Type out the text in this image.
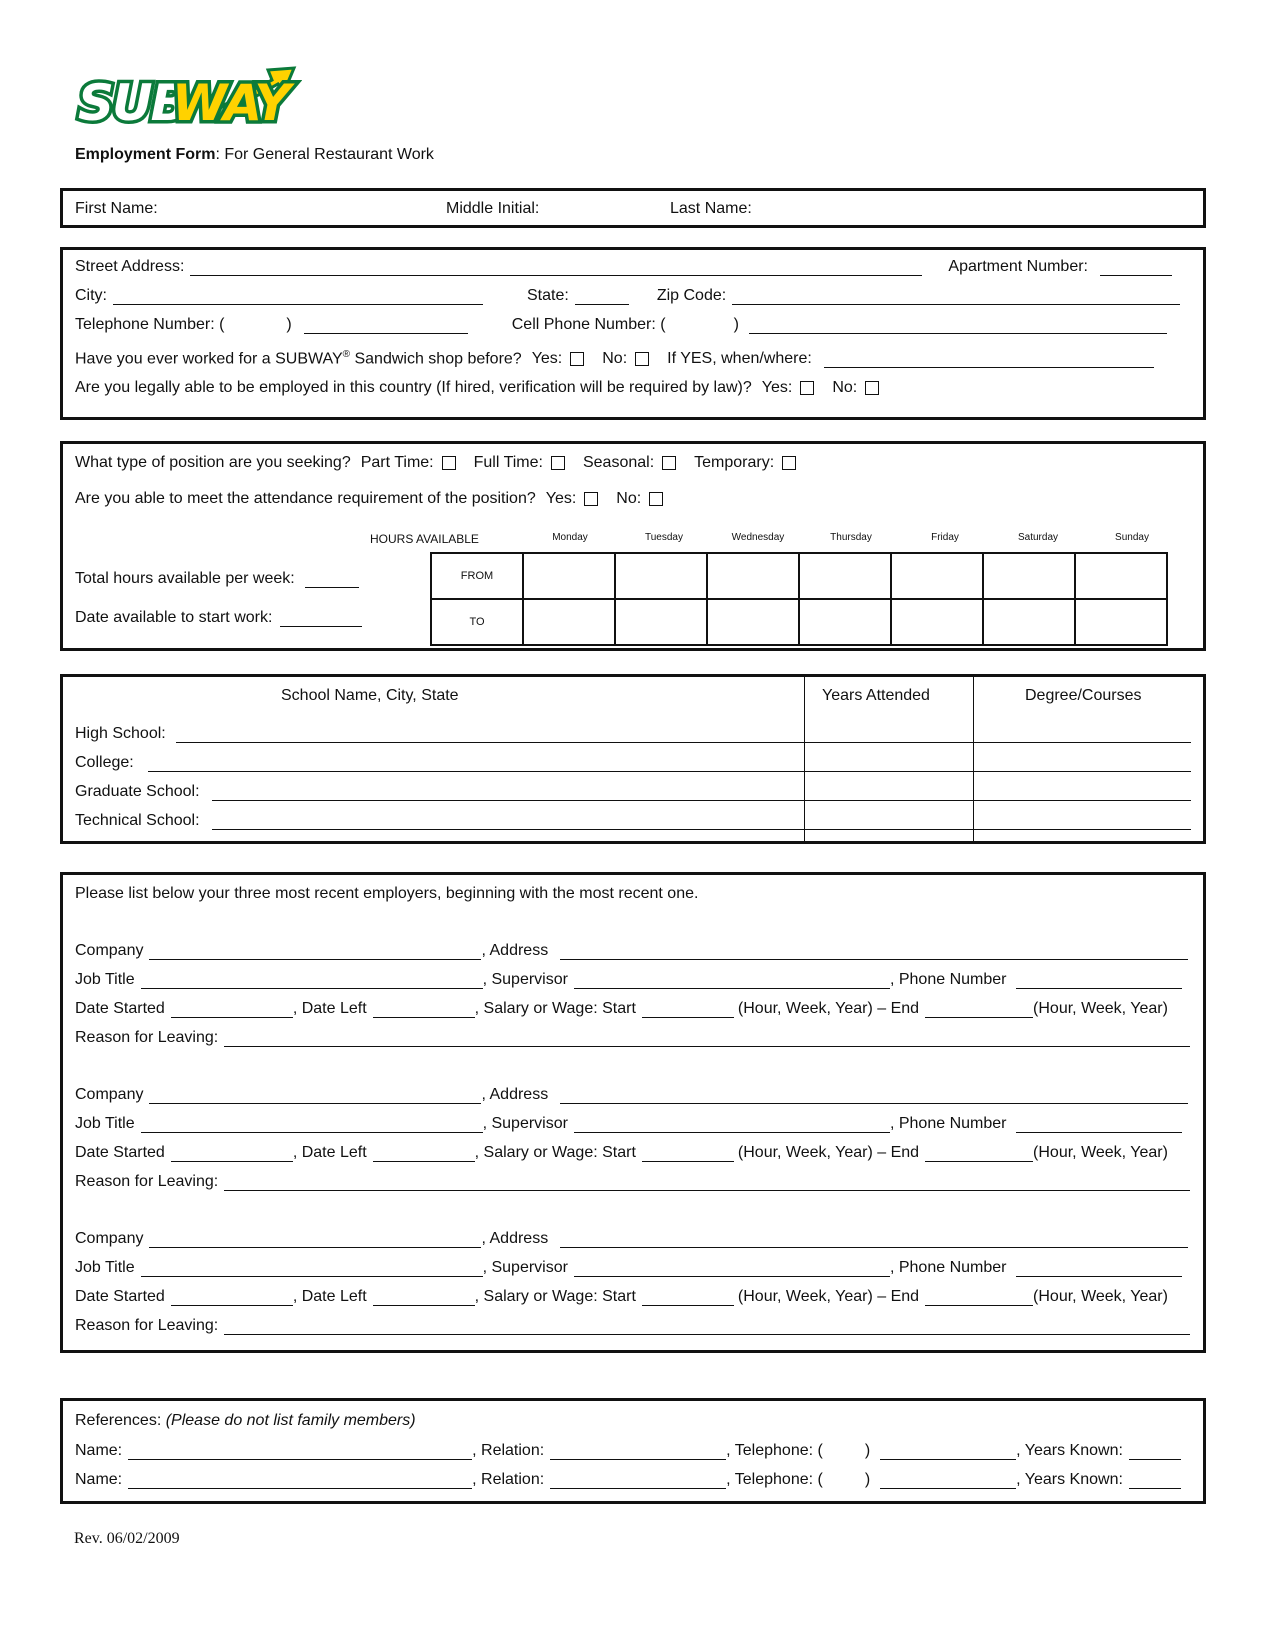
SUB
WAY
Employment Form: For General Restaurant Work
First Name:	Middle Initial:	Last Name:
Street Address:	Apartment Number:
City:	State:	Zip Code:
Telephone Number: (	)	Cell Phone Number: (	)
Have you ever worked for a SUBWAY® Sandwich shop before? Yes:	No:	If YES, when/where:
Are you legally able to be employed in this country (If hired, verification will be required by law)? Yes:	No:
What type of position are you seeking? Part Time:	Full Time:	Seasonal:	Temporary:
Are you able to meet the attendance requirement of the position? Yes:	No:
HOURS AVAILABLE	Monday	Tuesday	Wednesday	Thursday	Friday	Saturday	Sunday
FROM							
TO							
Total hours available per week:
Date available to start work:
School Name, City, State	Years Attended	Degree/Courses
High School:
College:
Graduate School:
Technical School:
Please list below your three most recent employers, beginning with the most recent one.
Company	, Address
Job Title	, Supervisor	, Phone Number
Date Started	, Date Left	, Salary or Wage: Start	(Hour, Week, Year) – End	(Hour, Week, Year)
Reason for Leaving:
Company	, Address
Job Title	, Supervisor	, Phone Number
Date Started	, Date Left	, Salary or Wage: Start	(Hour, Week, Year) – End	(Hour, Week, Year)
Reason for Leaving:
Company	, Address
Job Title	, Supervisor	, Phone Number
Date Started	, Date Left	, Salary or Wage: Start	(Hour, Week, Year) – End	(Hour, Week, Year)
Reason for Leaving:
References: (Please do not list family members)
Name:	, Relation:	, Telephone: (	)	, Years Known:
Name:	, Relation:	, Telephone: (	)	, Years Known:
Rev. 06/02/2009
